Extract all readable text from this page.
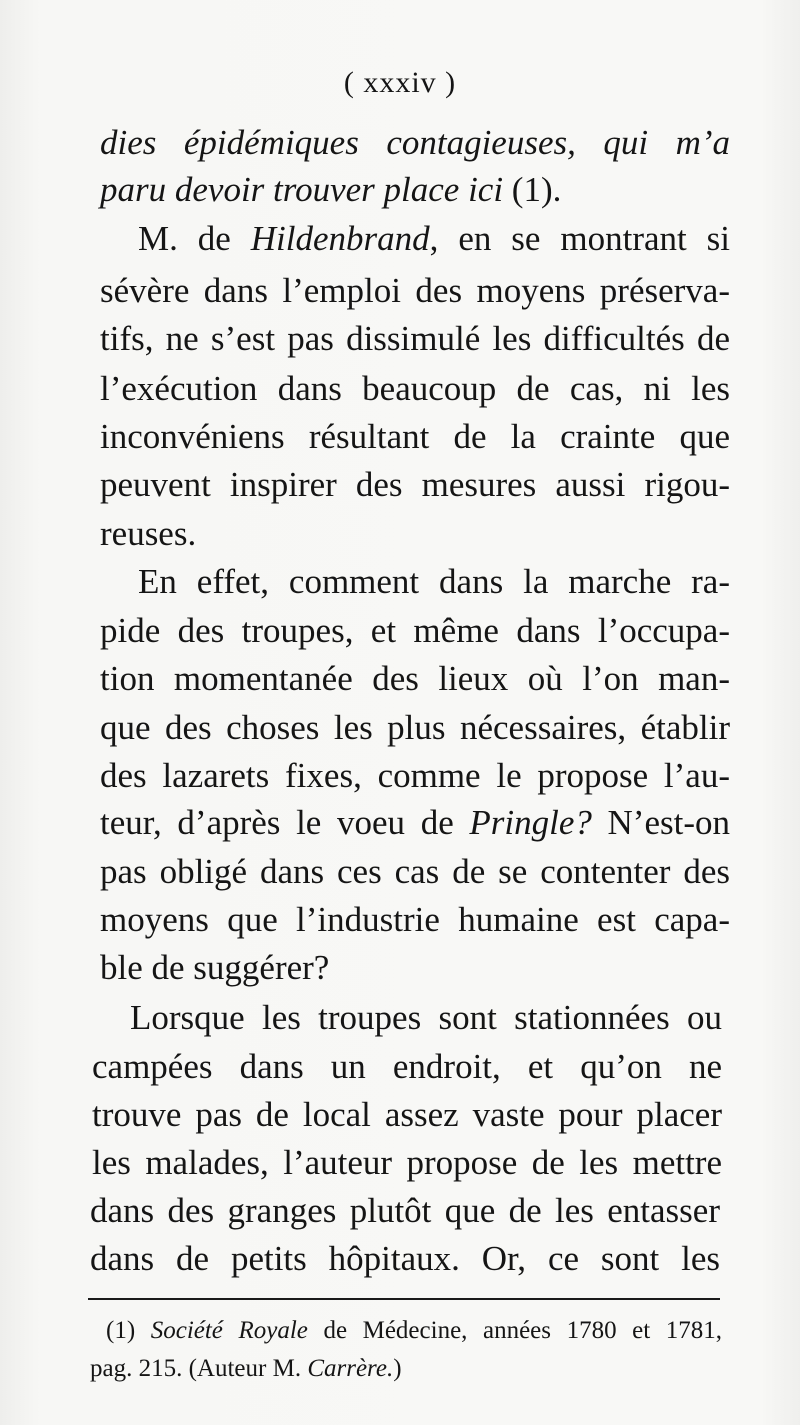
( xxxiv )
dies épidémiques contagieuses, qui m’a
paru devoir trouver place ici (1).
M. de Hildenbrand, en se montrant si
sévère dans l’emploi des moyens préserva-
tifs, ne s’est pas dissimulé les difficultés de
l’exécution dans beaucoup de cas, ni les
inconvéniens résultant de la crainte que
peuvent inspirer des mesures aussi rigou-
reuses.
En effet, comment dans la marche ra-
pide des troupes, et même dans l’occupa-
tion momentanée des lieux où l’on man-
que des choses les plus nécessaires, établir
des lazarets fixes, comme le propose l’au-
teur, d’après le voeu de Pringle? N’est-on
pas obligé dans ces cas de se contenter des
moyens que l’industrie humaine est capa-
ble de suggérer?
Lorsque les troupes sont stationnées ou
campées dans un endroit, et qu’on ne
trouve pas de local assez vaste pour placer
les malades, l’auteur propose de les mettre
dans des granges plutôt que de les entasser
dans de petits hôpitaux. Or, ce sont les
(1) Société Royale de Médecine, années 1780 et 1781,
pag. 215. (Auteur M. Carrère.)
